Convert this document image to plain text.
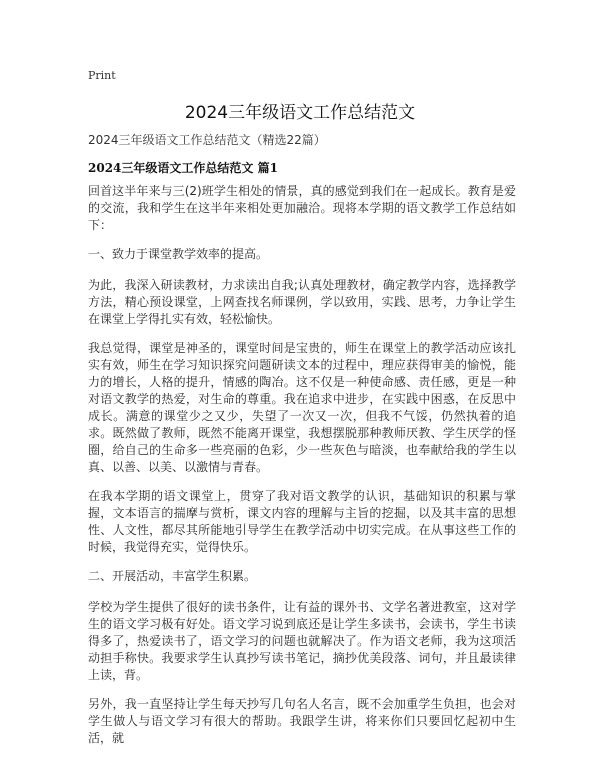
Print
2024三年级语文工作总结范文
2024三年级语文工作总结范文（精选22篇）
2024三年级语文工作总结范文 篇1

回首这半年来与三(2)班学生相处的情景，真的感觉到我们在一起成长。教育是爱的交流，我和学生在这半年来相处更加融洽。现将本学期的语文教学工作总结如下：

一、致力于课堂教学效率的提高。

为此，我深入研读教材，力求读出自我;认真处理教材，确定教学内容，选择教学方法，精心预设课堂，上网查找名师课例，学以致用，实践、思考，力争让学生在课堂上学得扎实有效，轻松愉快。

我总觉得，课堂是神圣的，课堂时间是宝贵的，师生在课堂上的教学活动应该扎实有效，师生在学习知识探究问题研读文本的过程中，理应获得审美的愉悦，能力的增长，人格的提升，情感的陶冶。这不仅是一种使命感、责任感，更是一种对语文教学的热爱，对生命的尊重。我在追求中进步，在实践中困惑，在反思中成长。满意的课堂少之又少，失望了一次又一次，但我不气馁，仍然执着的追求。既然做了教师，既然不能离开课堂，我想摆脱那种教师厌教、学生厌学的怪圈，给自己的生命多一些亮丽的色彩，少一些灰色与暗淡，也奉献给我的学生以真、以善、以美、以激情与青春。

在我本学期的语文课堂上，贯穿了我对语文教学的认识，基础知识的积累与掌握，文本语言的揣摩与赏析，课文内容的理解与主旨的挖掘，以及其丰富的思想性、人文性，都尽其所能地引导学生在教学活动中切实完成。在从事这些工作的时候，我觉得充实，觉得快乐。

二、开展活动，丰富学生积累。

学校为学生提供了很好的读书条件，让有益的课外书、文学名著进教室，这对学生的语文学习极有好处。语文学习说到底还是让学生多读书，会读书，学生书读得多了，热爱读书了，语文学习的问题也就解决了。作为语文老师，我为这项活动担手称快。我要求学生认真抄写读书笔记，摘抄优美段落、词句，并且最读律上读，背。

另外，我一直坚持让学生每天抄写几句名人名言，既不会加重学生负担，也会对学生做人与语文学习有很大的帮助。我跟学生讲，将来你们只要回忆起初中生活，就
